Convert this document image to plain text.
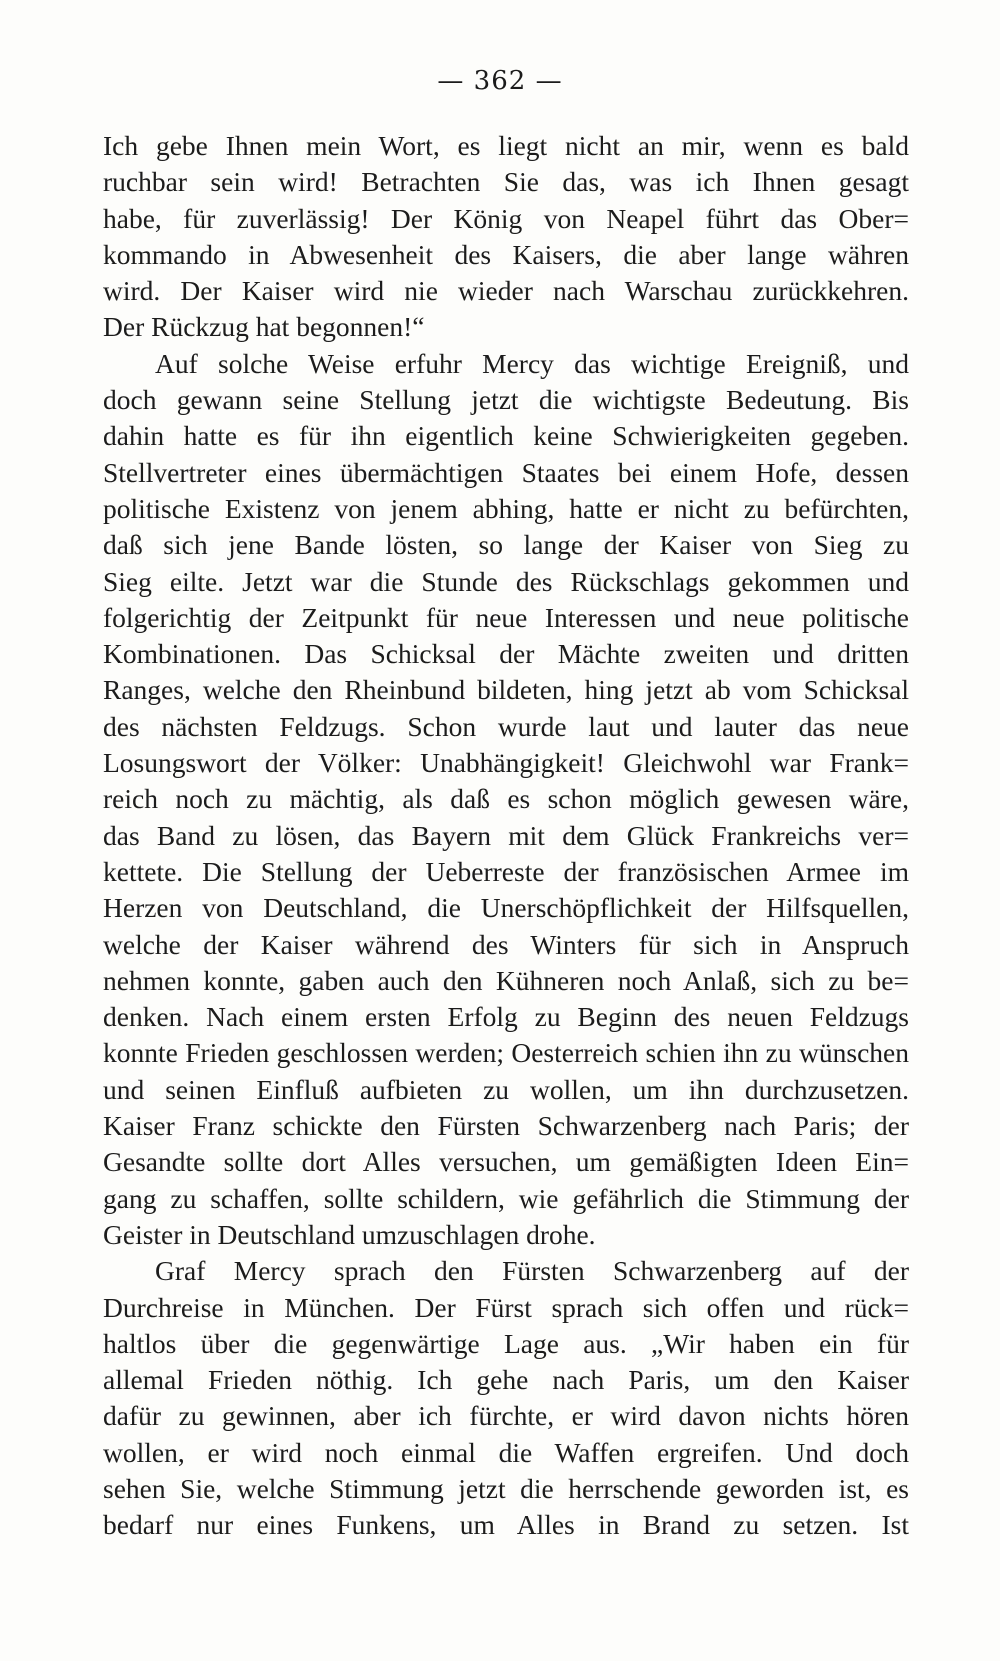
— 362 —
Ich gebe Ihnen mein Wort, es liegt nicht an mir, wenn es bald
ruchbar sein wird! Betrachten Sie das, was ich Ihnen gesagt
habe, für zuverlässig! Der König von Neapel führt das Ober=
kommando in Abwesenheit des Kaisers, die aber lange währen
wird. Der Kaiser wird nie wieder nach Warschau zurückkehren.
Der Rückzug hat begonnen!“
Auf solche Weise erfuhr Mercy das wichtige Ereigniß, und
doch gewann seine Stellung jetzt die wichtigste Bedeutung. Bis
dahin hatte es für ihn eigentlich keine Schwierigkeiten gegeben.
Stellvertreter eines übermächtigen Staates bei einem Hofe, dessen
politische Existenz von jenem abhing, hatte er nicht zu befürchten,
daß sich jene Bande lösten, so lange der Kaiser von Sieg zu
Sieg eilte. Jetzt war die Stunde des Rückschlags gekommen und
folgerichtig der Zeitpunkt für neue Interessen und neue politische
Kombinationen. Das Schicksal der Mächte zweiten und dritten
Ranges, welche den Rheinbund bildeten, hing jetzt ab vom Schicksal
des nächsten Feldzugs. Schon wurde laut und lauter das neue
Losungswort der Völker: Unabhängigkeit! Gleichwohl war Frank=
reich noch zu mächtig, als daß es schon möglich gewesen wäre,
das Band zu lösen, das Bayern mit dem Glück Frankreichs ver=
kettete. Die Stellung der Ueberreste der französischen Armee im
Herzen von Deutschland, die Unerschöpflichkeit der Hilfsquellen,
welche der Kaiser während des Winters für sich in Anspruch
nehmen konnte, gaben auch den Kühneren noch Anlaß, sich zu be=
denken. Nach einem ersten Erfolg zu Beginn des neuen Feldzugs
konnte Frieden geschlossen werden; Oesterreich schien ihn zu wünschen
und seinen Einfluß aufbieten zu wollen, um ihn durchzusetzen.
Kaiser Franz schickte den Fürsten Schwarzenberg nach Paris; der
Gesandte sollte dort Alles versuchen, um gemäßigten Ideen Ein=
gang zu schaffen, sollte schildern, wie gefährlich die Stimmung der
Geister in Deutschland umzuschlagen drohe.
Graf Mercy sprach den Fürsten Schwarzenberg auf der
Durchreise in München. Der Fürst sprach sich offen und rück=
haltlos über die gegenwärtige Lage aus. „Wir haben ein für
allemal Frieden nöthig. Ich gehe nach Paris, um den Kaiser
dafür zu gewinnen, aber ich fürchte, er wird davon nichts hören
wollen, er wird noch einmal die Waffen ergreifen. Und doch
sehen Sie, welche Stimmung jetzt die herrschende geworden ist, es
bedarf nur eines Funkens, um Alles in Brand zu setzen. Ist
